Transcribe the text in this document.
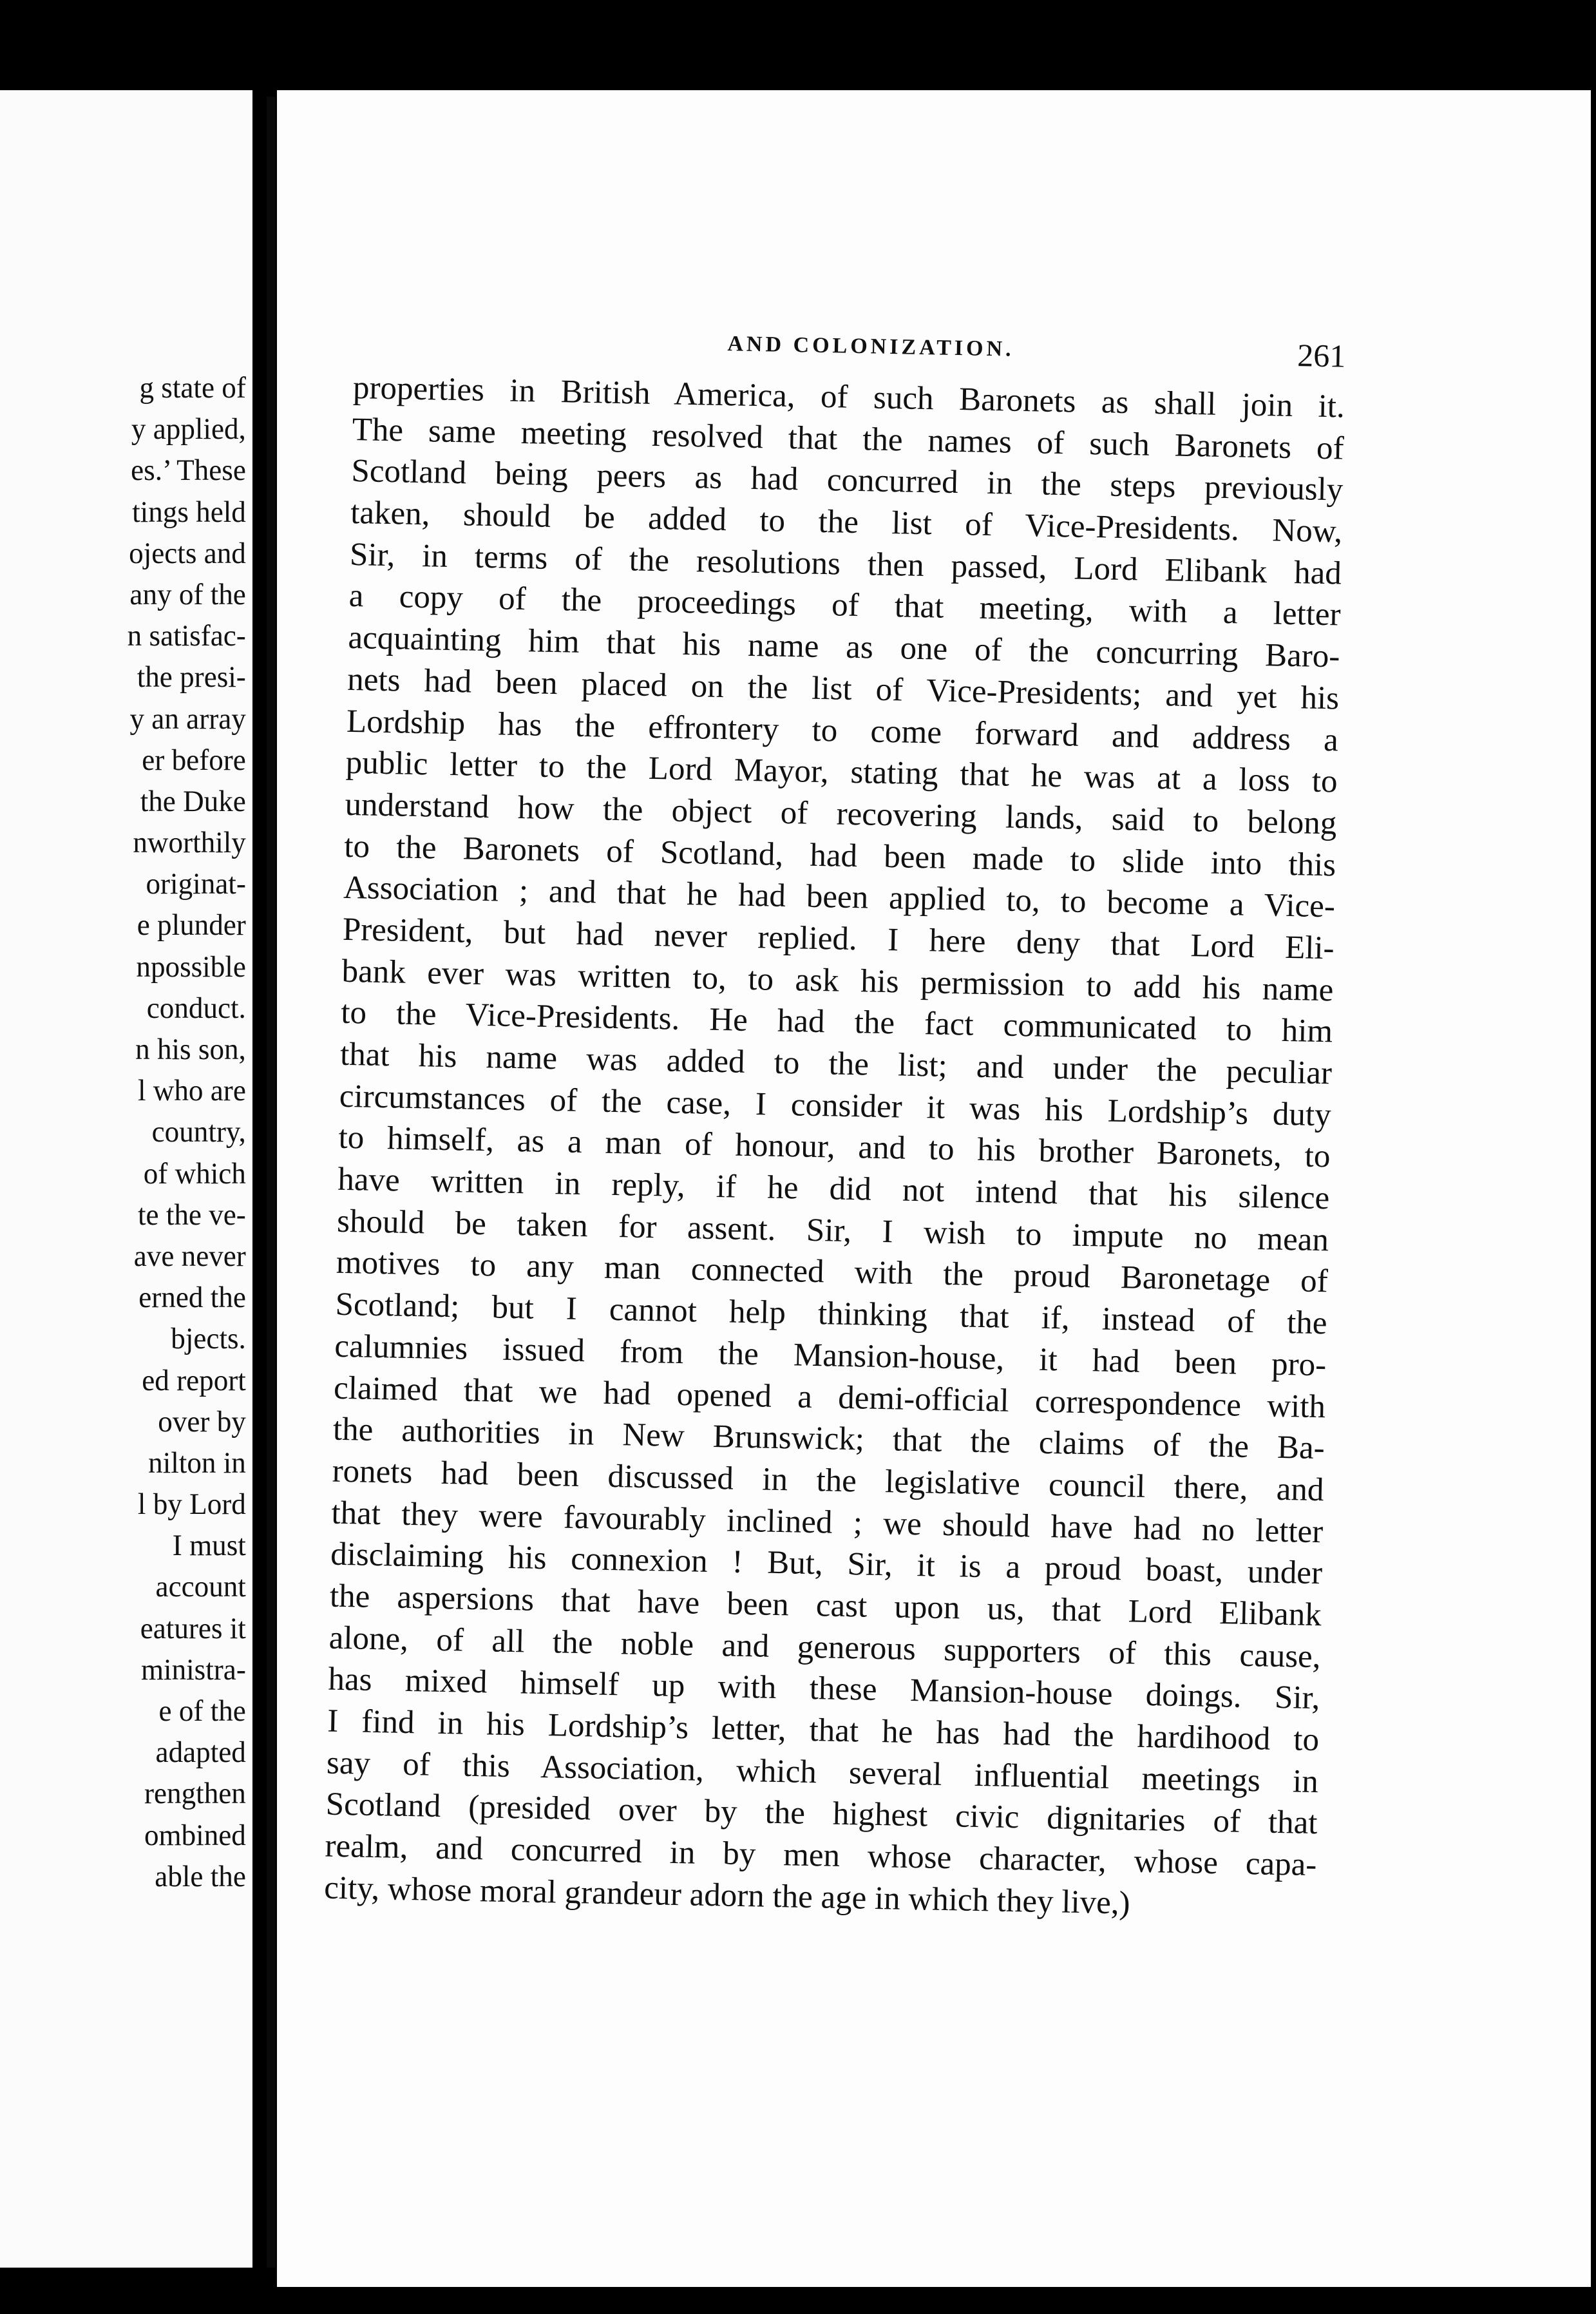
g state of
y applied,
es.’ These
tings held
ojects and
any of the
n satisfac-
the presi-
y an array
er before
the Duke
nworthily
originat-
e plunder
npossible
conduct.
n his son,
l who are
country,
of which
te the ve-
ave never
erned the
bjects.
ed report
over by
nilton in
l by Lord
I must
account
eatures it
ministra-
e of the
adapted
rengthen
ombined
able the
AND COLONIZATION.	261
properties in British America, of such Baronets as shall join it.
The same meeting resolved that the names of such Baronets of
Scotland being peers as had concurred in the steps previously
taken, should be added to the list of Vice-Presidents. Now,
Sir, in terms of the resolutions then passed, Lord Elibank had
a copy of the proceedings of that meeting, with a letter
acquainting him that his name as one of the concurring Baro-
nets had been placed on the list of Vice-Presidents; and yet his
Lordship has the effrontery to come forward and address a
public letter to the Lord Mayor, stating that he was at a loss to
understand how the object of recovering lands, said to belong
to the Baronets of Scotland, had been made to slide into this
Association ; and that he had been applied to, to become a Vice-
President, but had never replied. I here deny that Lord Eli-
bank ever was written to, to ask his permission to add his name
to the Vice-Presidents. He had the fact communicated to him
that his name was added to the list; and under the peculiar
circumstances of the case, I consider it was his Lordship’s duty
to himself, as a man of honour, and to his brother Baronets, to
have written in reply, if he did not intend that his silence
should be taken for assent. Sir, I wish to impute no mean
motives to any man connected with the proud Baronetage of
Scotland; but I cannot help thinking that if, instead of the
calumnies issued from the Mansion-house, it had been pro-
claimed that we had opened a demi-official correspondence with
the authorities in New Brunswick; that the claims of the Ba-
ronets had been discussed in the legislative council there, and
that they were favourably inclined ; we should have had no letter
disclaiming his connexion ! But, Sir, it is a proud boast, under
the aspersions that have been cast upon us, that Lord Elibank
alone, of all the noble and generous supporters of this cause,
has mixed himself up with these Mansion-house doings. Sir,
I find in his Lordship’s letter, that he has had the hardihood to
say of this Association, which several influential meetings in
Scotland (presided over by the highest civic dignitaries of that
realm, and concurred in by men whose character, whose capa-
city, whose moral grandeur adorn the age in which they live,)
